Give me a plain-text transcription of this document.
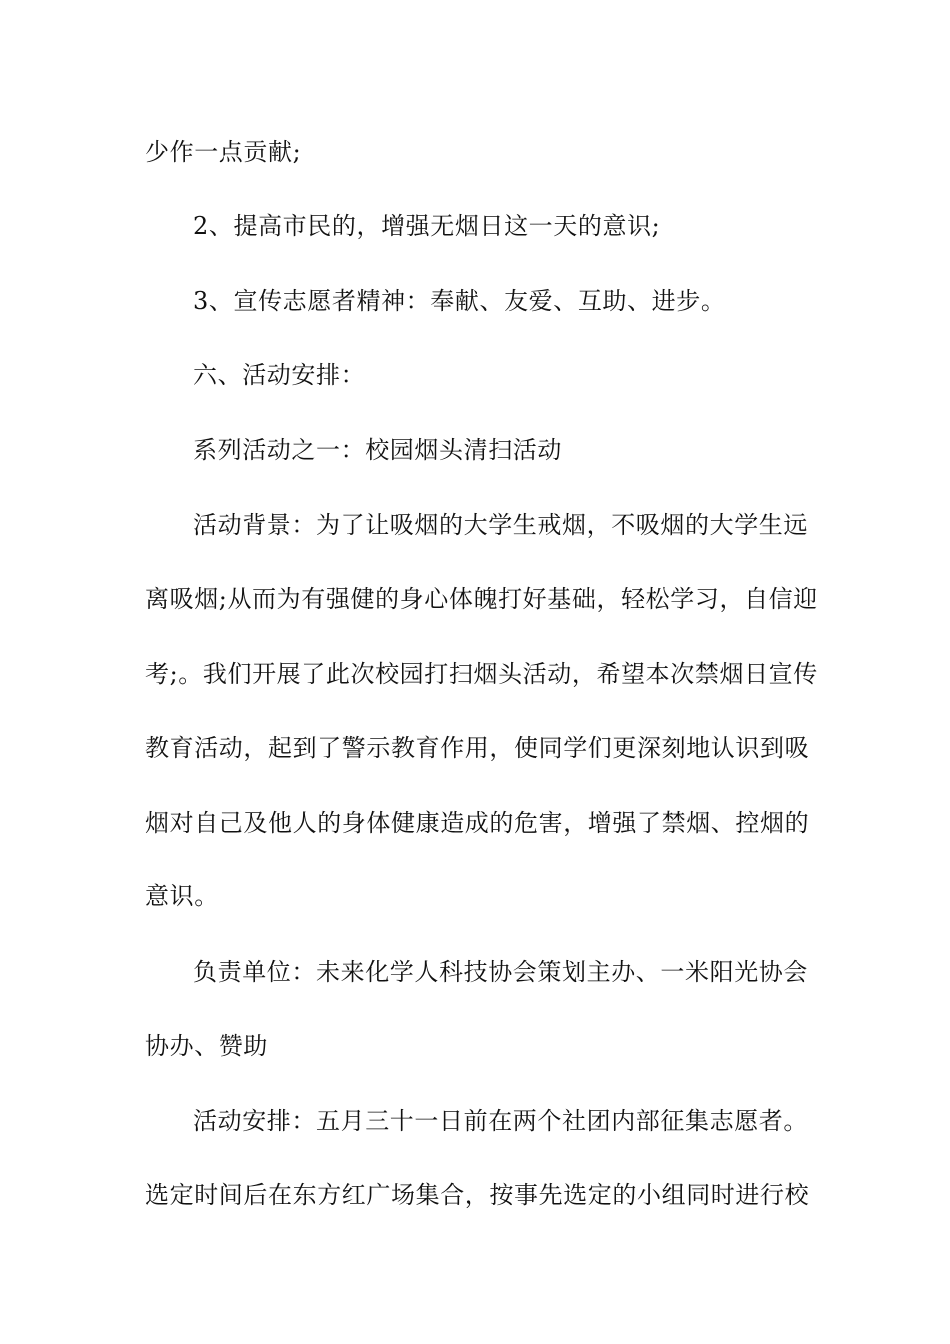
少作一点贡献;
2、提高市民的，增强无烟日这一天的意识;
3、宣传志愿者精神：奉献、友爱、互助、进步。
六、活动安排：
系列活动之一：校园烟头清扫活动
活动背景：为了让吸烟的大学生戒烟，不吸烟的大学生远
离吸烟;从而为有强健的身心体魄打好基础，轻松学习，自信迎
考;。我们开展了此次校园打扫烟头活动，希望本次禁烟日宣传
教育活动，起到了警示教育作用，使同学们更深刻地认识到吸
烟对自己及他人的身体健康造成的危害，增强了禁烟、控烟的
意识。
负责单位：未来化学人科技协会策划主办、一米阳光协会
协办、赞助
活动安排：五月三十一日前在两个社团内部征集志愿者。
选定时间后在东方红广场集合，按事先选定的小组同时进行校
